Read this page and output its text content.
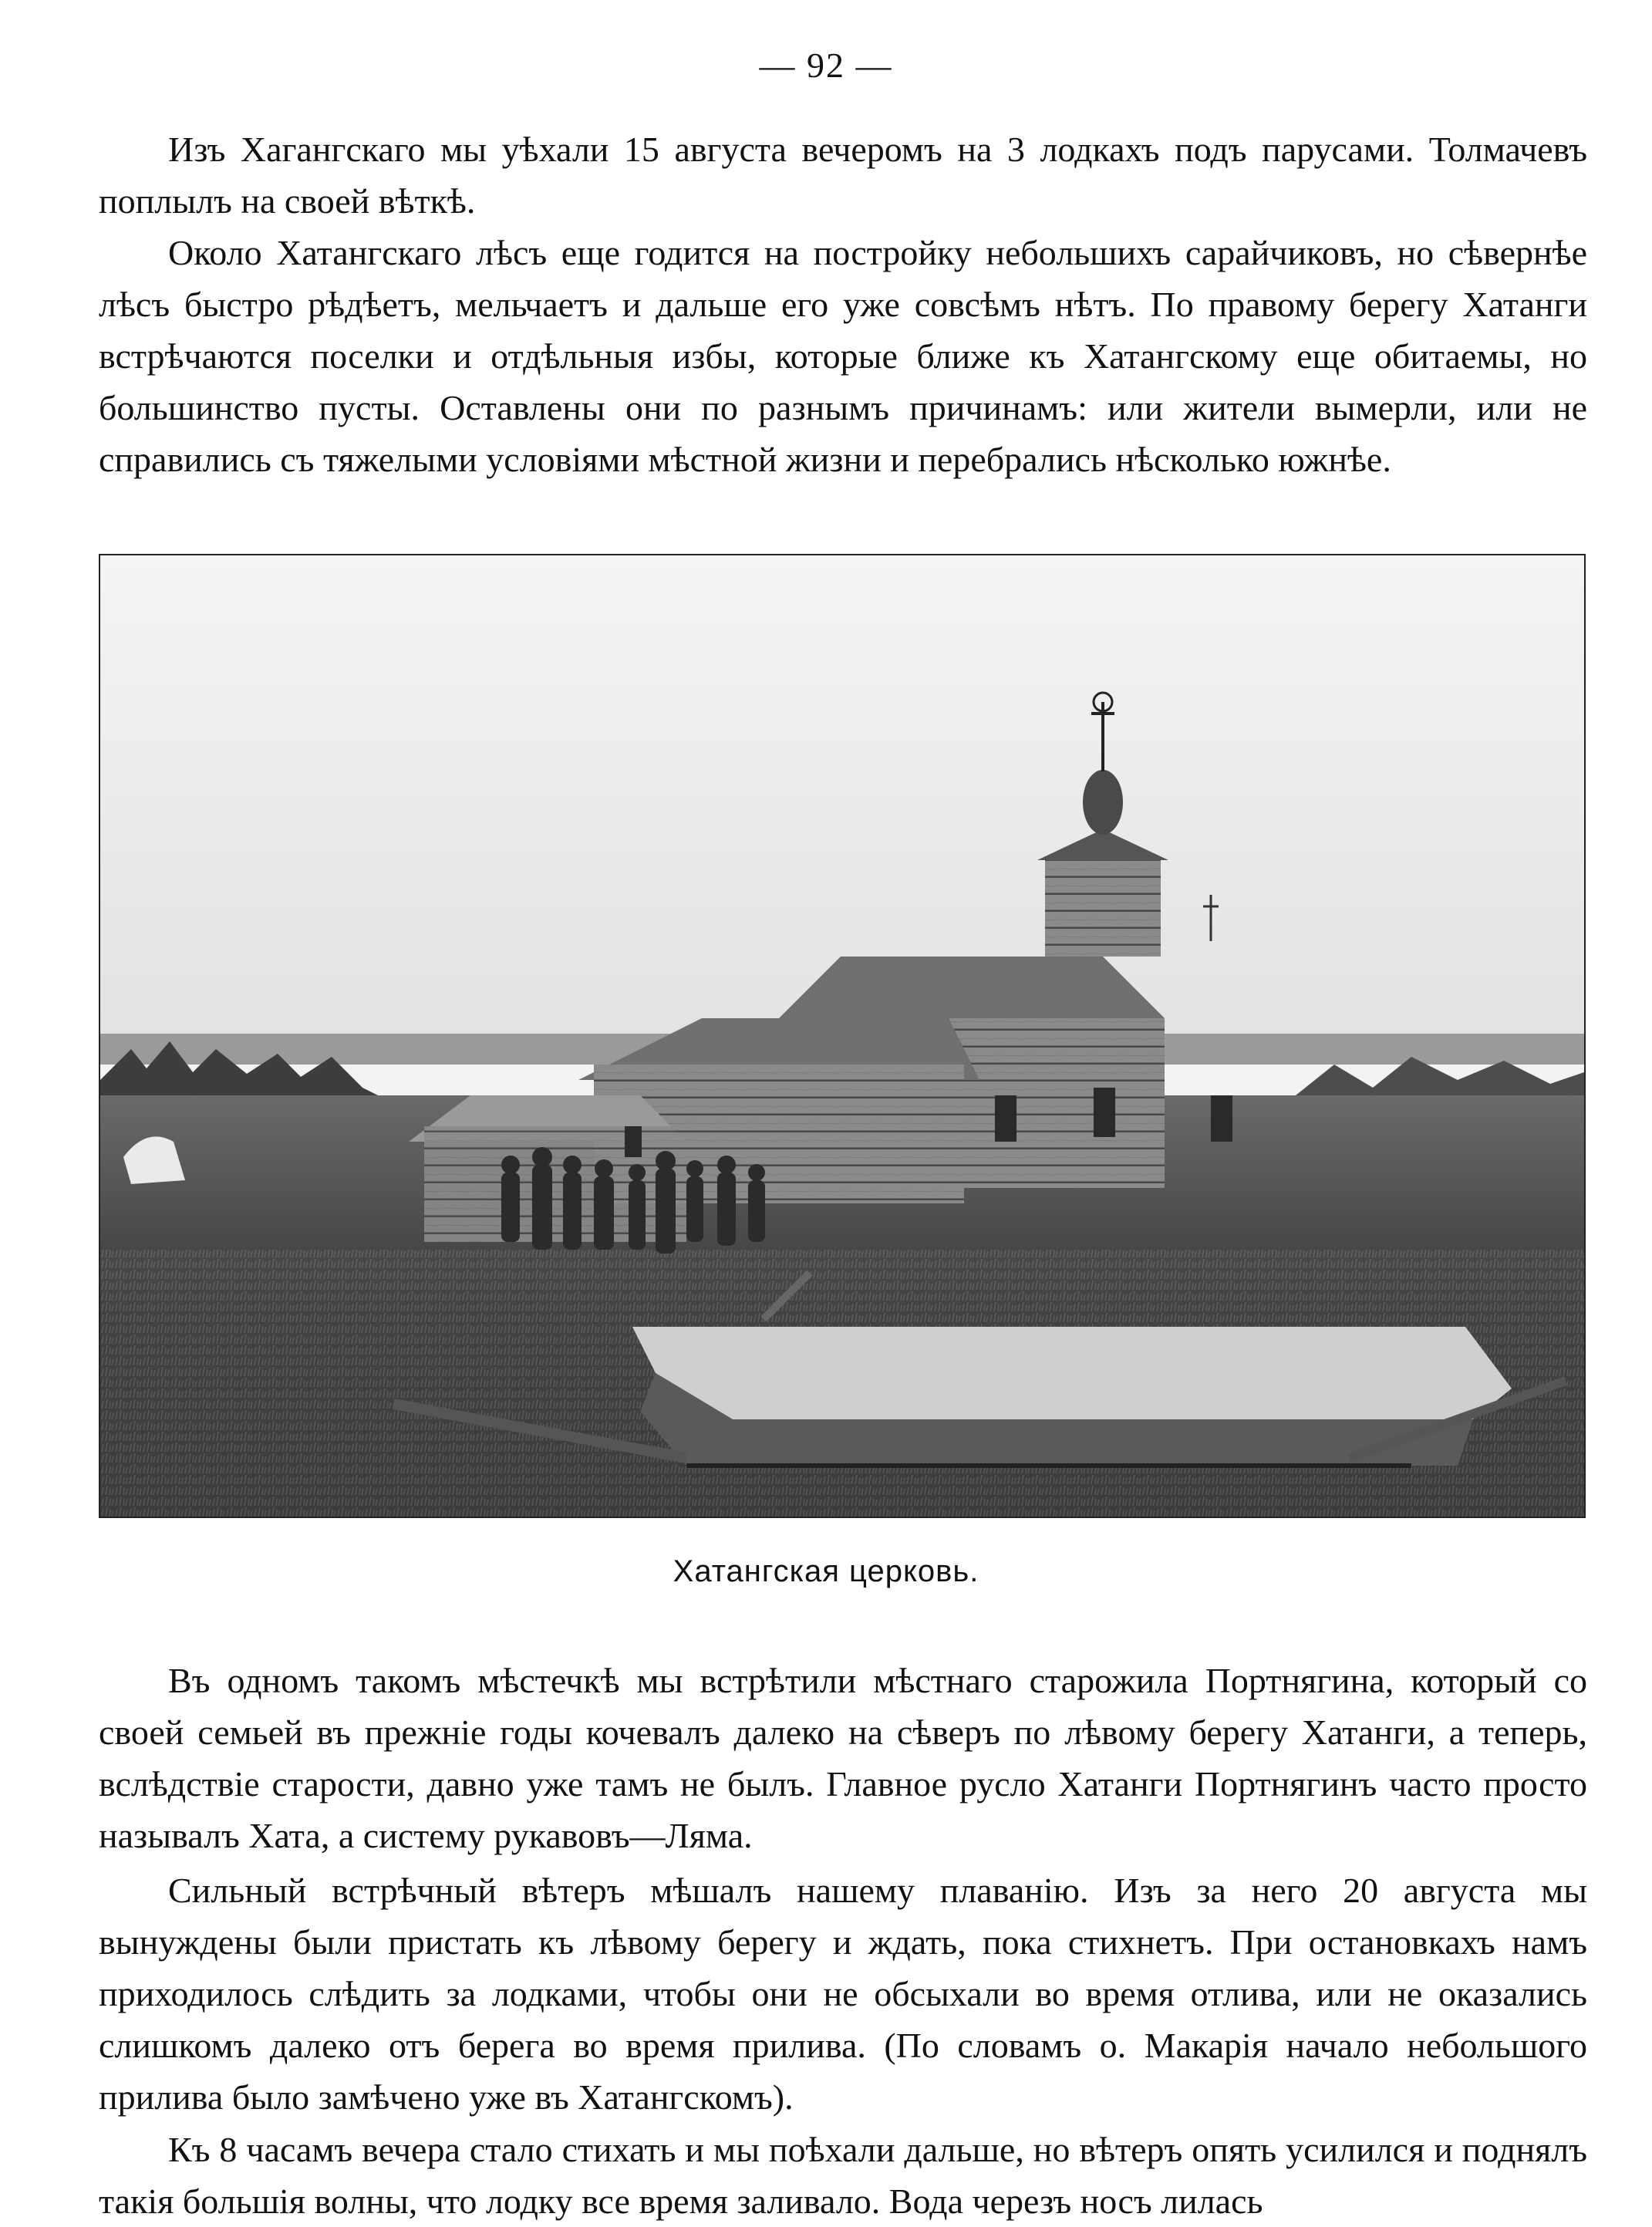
— 92 —

Изъ Хагангскаго мы уѣхали 15 августа вечеромъ на 3 лодкахъ подъ парусами. Толмачевъ поплылъ на своей вѣткѣ.

Около Хатангскаго лѣсъ еще годится на постройку небольшихъ сарайчиковъ, но сѣвернѣе лѣсъ быстро рѣдѣетъ, мельчаетъ и дальше его уже совсѣмъ нѣтъ. По правому берегу Хатанги встрѣчаются поселки и отдѣльныя избы, которые ближе къ Хатангскому еще обитаемы, но большинство пусты. Оставлены они по разнымъ причинамъ: или жители вымерли, или не справились съ тяжелыми условіями мѣстной жизни и перебрались нѣсколько южнѣе.

Хатангская церковь.

Въ одномъ такомъ мѣстечкѣ мы встрѣтили мѣстнаго старожила Портнягина, который со своей семьей въ прежніе годы кочевалъ далеко на сѣверъ по лѣвому берегу Хатанги, а теперь, вслѣдствіе старости, давно уже тамъ не былъ. Главное русло Хатанги Портнягинъ часто просто называлъ Хата, а систему рукавовъ—Ляма.

Сильный встрѣчный вѣтеръ мѣшалъ нашему плаванію. Изъ за него 20 августа мы вынуждены были пристать къ лѣвому берегу и ждать, пока стихнетъ. При остановкахъ намъ приходилось слѣдить за лодками, чтобы они не обсыхали во время отлива, или не оказались слишкомъ далеко отъ берега во время прилива. (По словамъ о. Макарія начало небольшого прилива было замѣчено уже въ Хатангскомъ).

Къ 8 часамъ вечера стало стихать и мы поѣхали дальше, но вѣтеръ опять усилился и поднялъ такія большія волны, что лодку все время заливало. Вода черезъ носъ лилась
